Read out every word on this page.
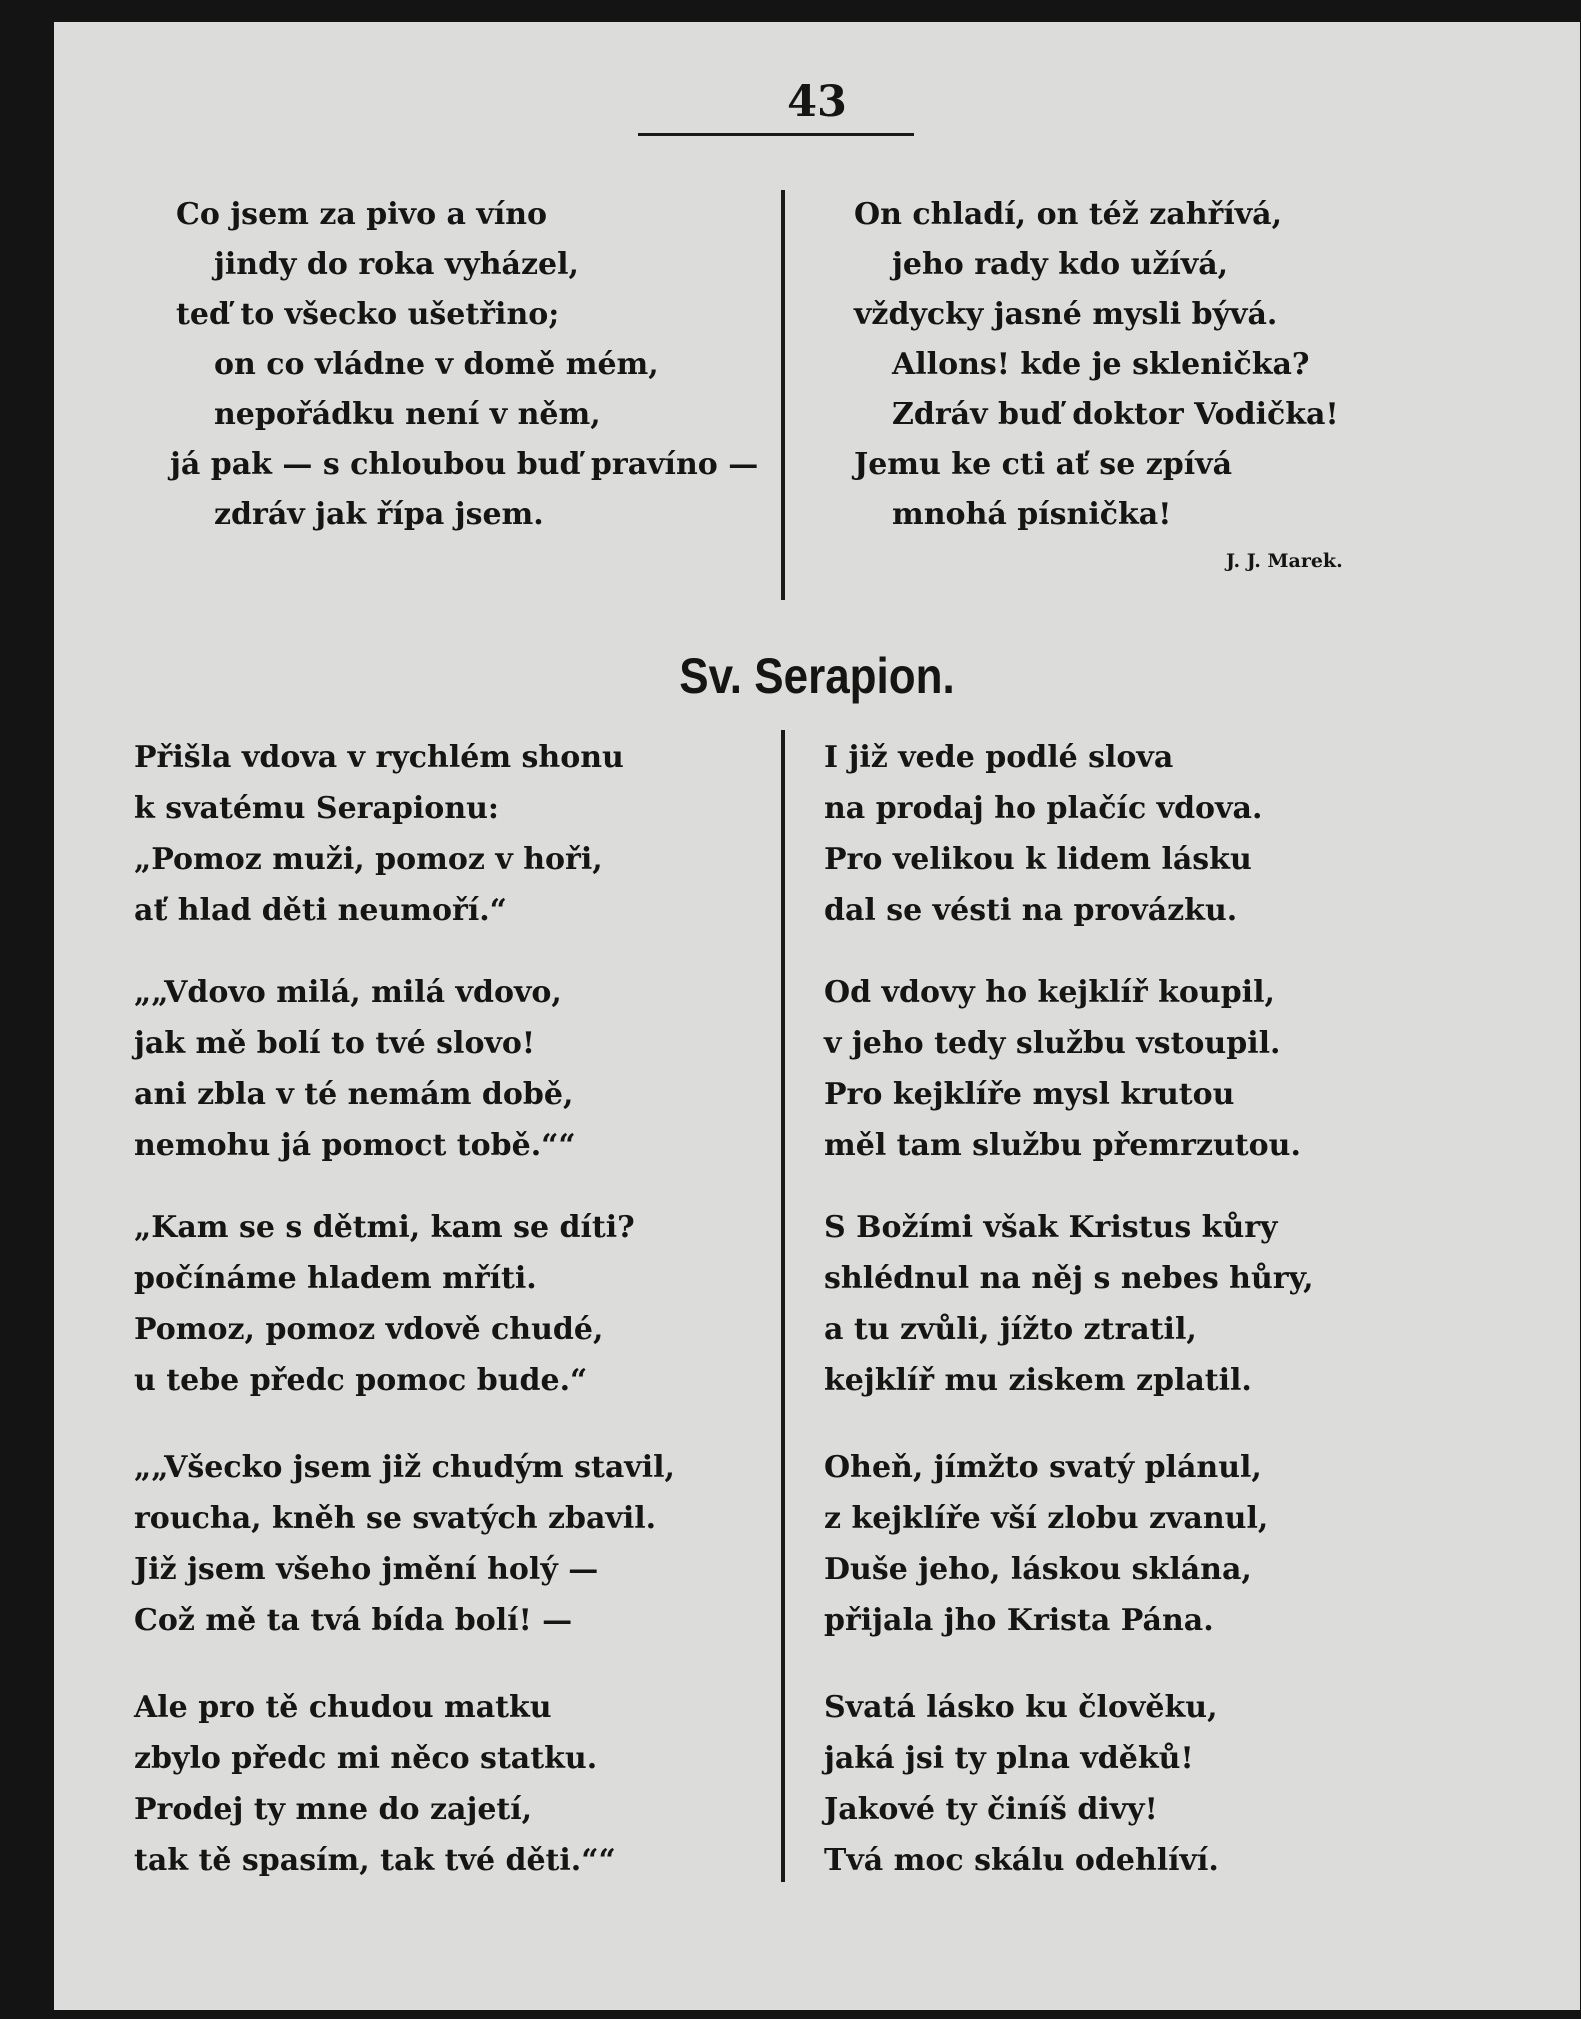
43
Co jsem za pivo a víno
jindy do roka vyházel,
teď to všecko ušetřino;
on co vládne v domě mém,
nepořádku není v něm,
já pak — s chloubou buď pravíno —
zdráv jak řípa jsem.
On chladí, on též zahřívá,
jeho rady kdo užívá,
vždycky jasné mysli bývá.
Allons! kde je sklenička?
Zdráv buď doktor Vodička!
Jemu ke cti ať se zpívá
mnohá písnička!
J. J. Marek.
Sv. Serapion.
Přišla vdova v rychlém shonu
k svatému Serapionu:
„Pomoz muži, pomoz v hoři,
ať hlad děti neumoří.“
„„Vdovo milá, milá vdovo,
jak mě bolí to tvé slovo!
ani zbla v té nemám době,
nemohu já pomoct tobě.““
„Kam se s dětmi, kam se díti?
počínáme hladem mříti.
Pomoz, pomoz vdově chudé,
u tebe předc pomoc bude.“
„„Všecko jsem již chudým stavil,
roucha, kněh se svatých zbavil.
Již jsem všeho jmění holý —
Což mě ta tvá bída bolí! —
Ale pro tě chudou matku
zbylo předc mi něco statku.
Prodej ty mne do zajetí,
tak tě spasím, tak tvé děti.““
I již vede podlé slova
na prodaj ho plačíc vdova.
Pro velikou k lidem lásku
dal se vésti na provázku.
Od vdovy ho kejklíř koupil,
v jeho tedy službu vstoupil.
Pro kejklíře mysl krutou
měl tam službu přemrzutou.
S Božími však Kristus kůry
shlédnul na něj s nebes hůry,
a tu zvůli, jížto ztratil,
kejklíř mu ziskem zplatil.
Oheň, jímžto svatý plánul,
z kejklíře vší zlobu zvanul,
Duše jeho, láskou sklána,
přijala jho Krista Pána.
Svatá lásko ku člověku,
jaká jsi ty plna vděků!
Jakové ty činíš divy!
Tvá moc skálu odehlíví.
